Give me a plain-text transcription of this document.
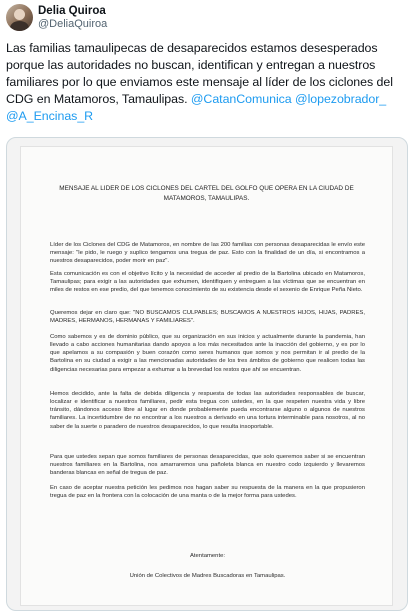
Delia Quiroa
@DeliaQuiroa
Las familias tamaulipecas de desaparecidos estamos desesperados porque las autoridades no buscan, identifican y entregan a nuestros familiares por lo que enviamos este mensaje al líder de los ciclones del CDG en Matamoros, Tamaulipas. @CatanComunica @lopezobrador_ @A_Encinas_R
MENSAJE AL LIDER DE LOS CICLONES DEL CARTEL DEL GOLFO QUE OPERA EN LA CIUDAD DE MATAMOROS, TAMAULIPAS.

Líder de los Ciclones del CDG de Matamoros, en nombre de las 200 familias con personas desaparecidas le envío este mensaje: "le pido, le ruego y suplico tengamos una tregua de paz. Esto con la finalidad de un día, si encontramos a nuestros desaparecidos, poder morir en paz".

Esta comunicación es con el objetivo lícito y la necesidad de acceder al predio de la Bartolina ubicado en Matamoros, Tamaulipas; para exigir a las autoridades que exhumen, identifiquen y entreguen a las víctimas que se encuentran en miles de restos en ese predio, del que tenemos conocimiento de su existencia desde el sexenio de Enrique Peña Nieto.

Queremos dejar en claro que: "NO BUSCAMOS CULPABLES; BUSCAMOS A NUESTROS HIJOS, HIJAS, PADRES, MADRES, HERMANOS, HERMANAS Y FAMILIARES".

Como sabemos y es de dominio público, que su organización en sus inicios y actualmente durante la pandemia, han llevado a cabo acciones humanitarias dando apoyos a los más necesitados ante la inacción del gobierno, y es por lo que apelamos a su compasión y buen corazón como seres humanos que somos y nos permitan ir al predio de la Bartolina en su ciudad a exigir a las mencionadas autoridades de los tres ámbitos de gobierno que realicen todas las diligencias necesarias para empezar a exhumar a la brevedad los restos que ahí se encuentran.

Hemos decidido, ante la falta de debida diligencia y respuesta de todas las autoridades responsables de buscar, localizar e identificar a nuestros familiares, pedir esta tregua con ustedes, en la que respeten nuestra vida y libre tránsito, dándonos acceso libre al lugar en donde probablemente pueda encontrarse alguno o algunos de nuestros familiares. La incertidumbre de no encontrar a los nuestros a derivado en una tortura interminable para nosotros, al no saber de la suerte o paradero de nuestros desaparecidos, lo que resulta insoportable.

Para que ustedes sepan que somos familiares de personas desaparecidas, que solo queremos saber si se encuentran nuestros familiares en la Bartolina, nos amarraremos una pañoleta blanca en nuestro codo izquierdo y llevaremos banderas blancas en señal de tregua de paz.

En caso de aceptar nuestra petición les pedimos nos hagan saber su respuesta de la manera en la que propusieron tregua de paz en la frontera con la colocación de una manta o de la mejor forma para ustedes.

Atentamente:

Unión de Colectivos de Madres Buscadoras en Tamaulipas.
